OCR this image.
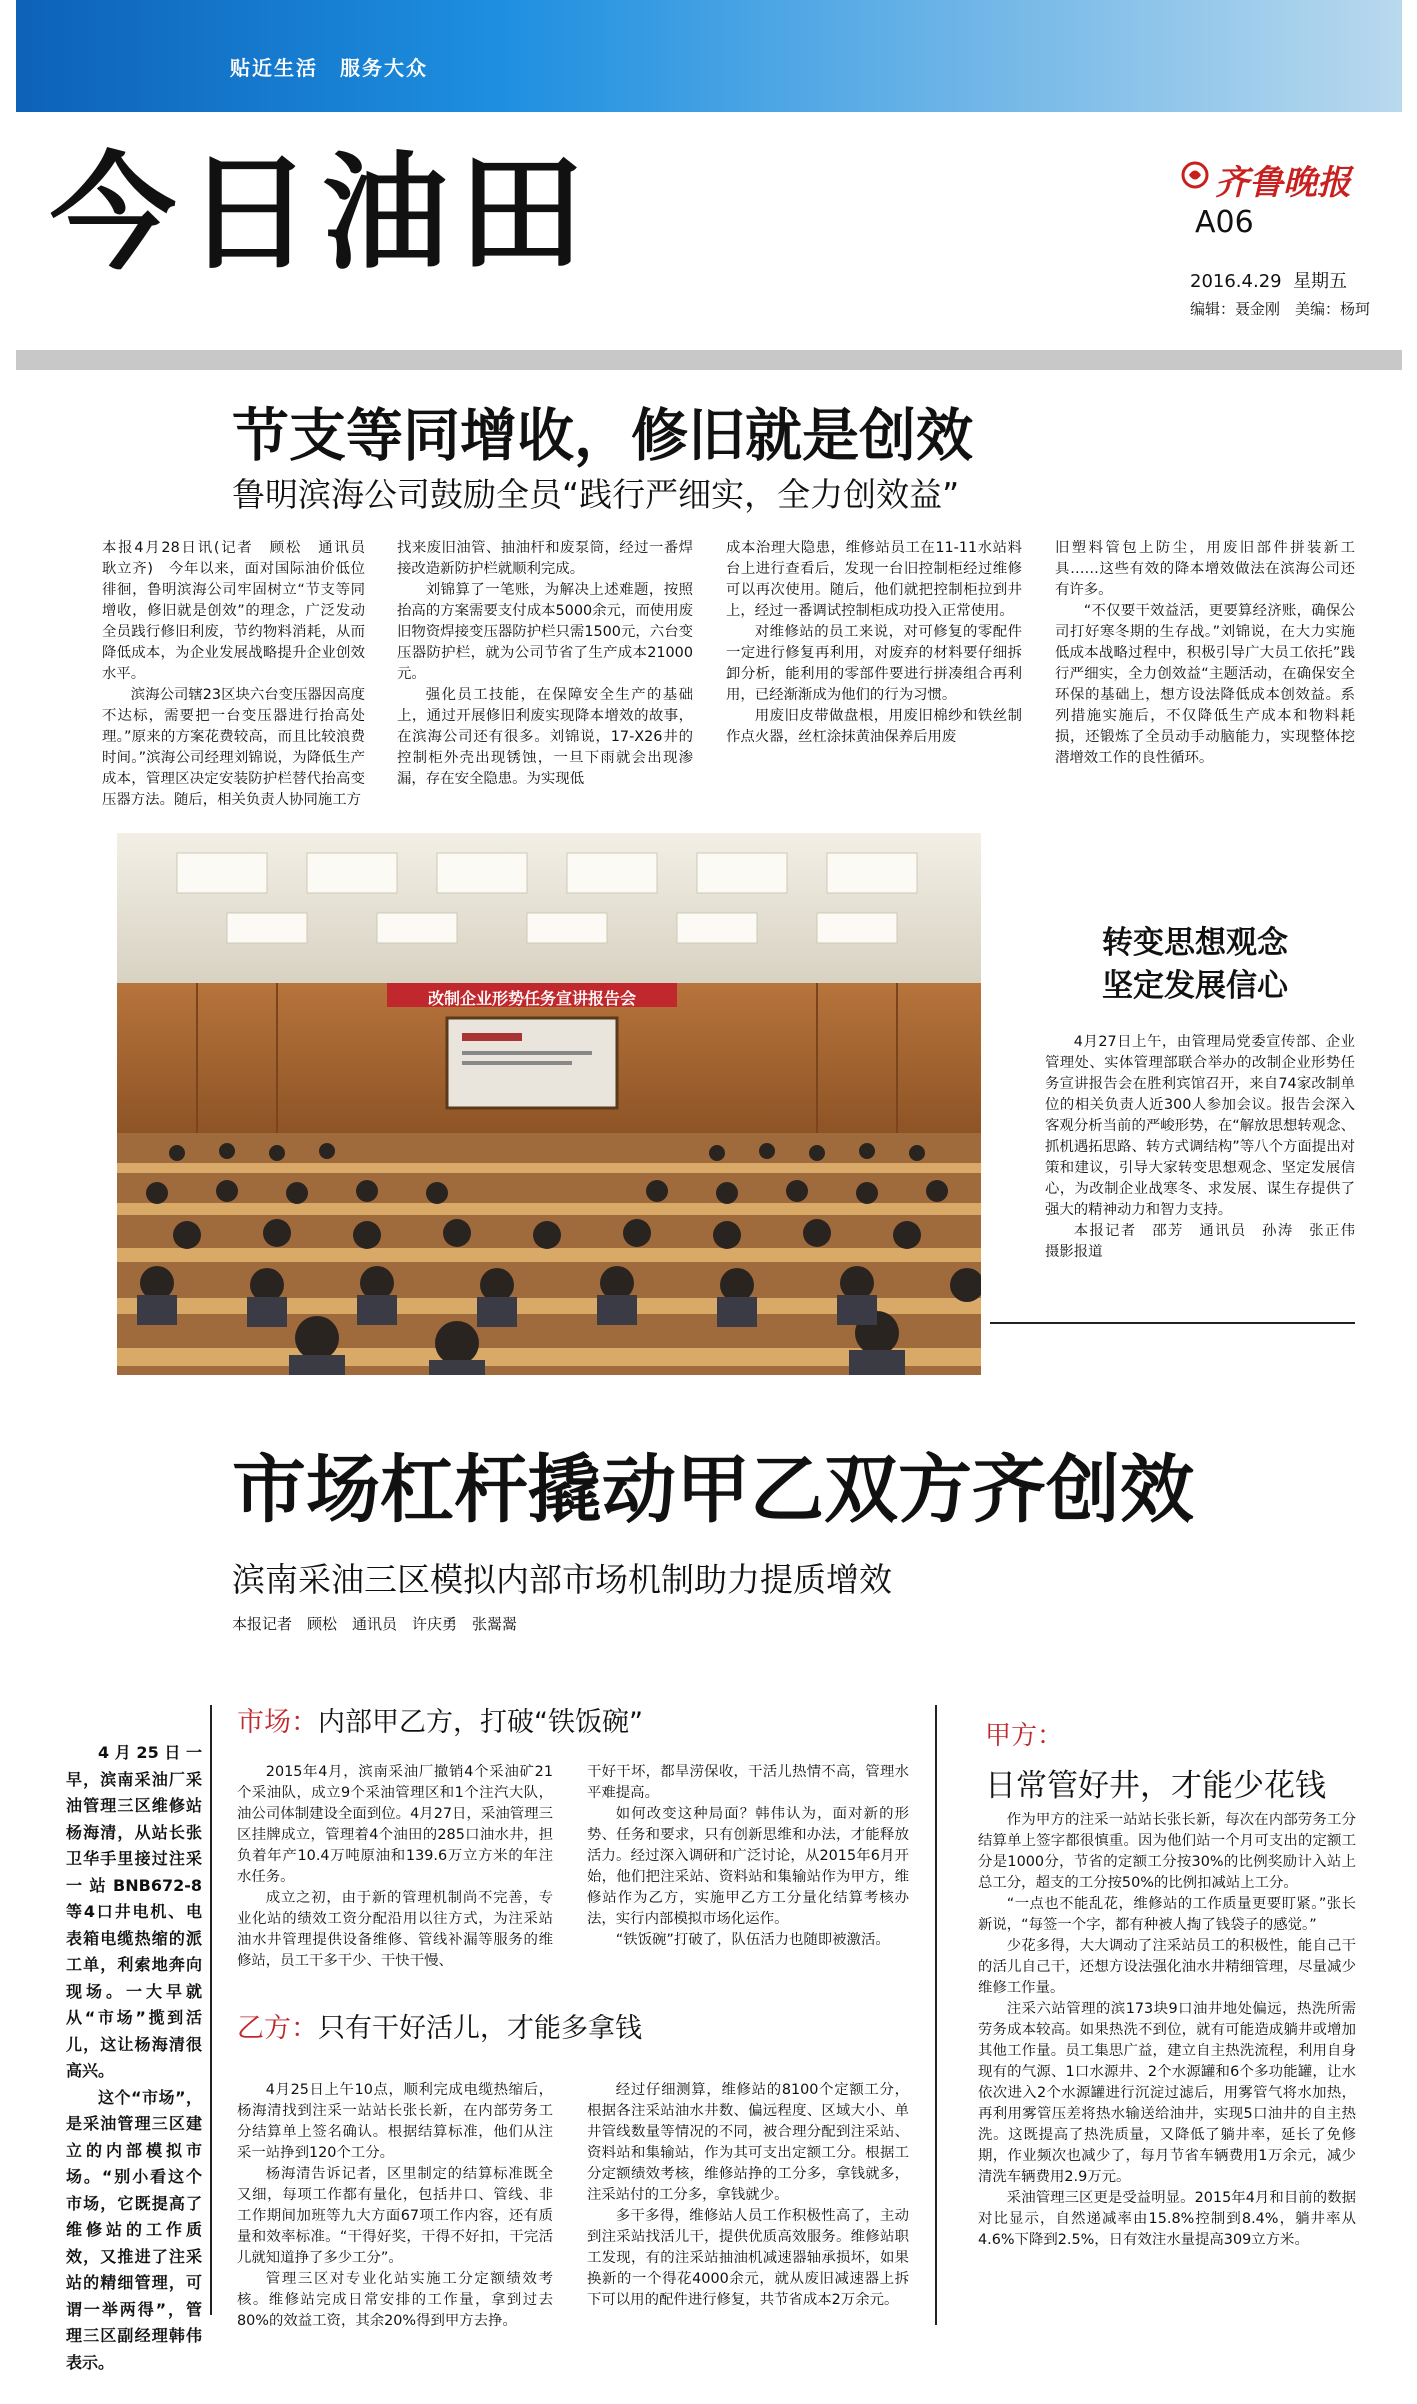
贴近生活　服务大众
今日油田	齐鲁晚报
A06
2016.4.29 星期五
编辑：聂金刚　美编：杨珂
节支等同增收，修旧就是创效
鲁明滨海公司鼓励全员“践行严细实，全力创效益”

本报4月28日讯(记者　顾松　通讯员　耿立齐)　今年以来，面对国际油价低位徘徊，鲁明滨海公司牢固树立“节支等同增收，修旧就是创效”的理念，广泛发动全员践行修旧利废，节约物料消耗，从而降低成本，为企业发展战略提升企业创效水平。

滨海公司辖23区块六台变压器因高度不达标，需要把一台变压器进行抬高处理。”原来的方案花费较高，而且比较浪费时间。”滨海公司经理刘锦说，为降低生产成本，管理区决定安装防护栏替代抬高变压器方法。随后，相关负责人协同施工方

找来废旧油管、抽油杆和废泵筒，经过一番焊接改造新防护栏就顺利完成。

刘锦算了一笔账，为解决上述难题，按照抬高的方案需要支付成本5000余元，而使用废旧物资焊接变压器防护栏只需1500元，六台变压器防护栏，就为公司节省了生产成本21000元。

强化员工技能，在保障安全生产的基础上，通过开展修旧利废实现降本增效的故事，在滨海公司还有很多。刘锦说，17-X26井的控制柜外壳出现锈蚀，一旦下雨就会出现渗漏，存在安全隐患。为实现低

成本治理大隐患，维修站员工在11-11水站料台上进行查看后，发现一台旧控制柜经过维修可以再次使用。随后，他们就把控制柜拉到井上，经过一番调试控制柜成功投入正常使用。

对维修站的员工来说，对可修复的零配件一定进行修复再利用，对废弃的材料要仔细拆卸分析，能利用的零部件要进行拼凑组合再利用，已经渐渐成为他们的行为习惯。

用废旧皮带做盘根，用废旧棉纱和铁丝制作点火器，丝杠涂抹黄油保养后用废

旧塑料管包上防尘，用废旧部件拼装新工具……这些有效的降本增效做法在滨海公司还有许多。

“不仅要干效益活，更要算经济账，确保公司打好寒冬期的生存战。”刘锦说，在大力实施低成本战略过程中，积极引导广大员工依托”践行严细实，全力创效益“主题活动，在确保安全环保的基础上，想方设法降低成本创效益。系列措施实施后，不仅降低生产成本和物料耗损，还锻炼了全员动手动脑能力，实现整体挖潜增效工作的良性循环。

改制企业形势任务宣讲报告会
转变思想观念
坚定发展信心

4月27日上午，由管理局党委宣传部、企业管理处、实体管理部联合举办的改制企业形势任务宣讲报告会在胜利宾馆召开，来自74家改制单位的相关负责人近300人参加会议。报告会深入客观分析当前的严峻形势，在“解放思想转观念、抓机遇拓思路、转方式调结构”等八个方面提出对策和建议，引导大家转变思想观念、坚定发展信心，为改制企业战寒冬、求发展、谋生存提供了强大的精神动力和智力支持。

本报记者　邵芳　通讯员　孙涛　张正伟　摄影报道

市场杠杆撬动甲乙双方齐创效
滨南采油三区模拟内部市场机制助力提质增效
本报记者　顾松　通讯员　许庆勇　张翯翯

4月25日一早，滨南采油厂采油管理三区维修站杨海清，从站长张卫华手里接过注采一站BNB672-8等4口井电机、电表箱电缆热缩的派工单，利索地奔向现场。一大早就从“市场”揽到活儿，这让杨海清很高兴。

这个“市场”，是采油管理三区建立的内部模拟市场。“别小看这个市场，它既提高了维修站的工作质效，又推进了注采站的精细管理，可谓一举两得”，管理三区副经理韩伟表示。

市场：内部甲乙方，打破“铁饭碗”

2015年4月，滨南采油厂撤销4个采油矿21个采油队，成立9个采油管理区和1个注汽大队，油公司体制建设全面到位。4月27日，采油管理三区挂牌成立，管理着4个油田的285口油水井，担负着年产10.4万吨原油和139.6万立方米的年注水任务。

成立之初，由于新的管理机制尚不完善，专业化站的绩效工资分配沿用以往方式，为注采站油水井管理提供设备维修、管线补漏等服务的维修站，员工干多干少、干快干慢、

干好干坏，都旱涝保收，干活儿热情不高，管理水平难提高。

如何改变这种局面？韩伟认为，面对新的形势、任务和要求，只有创新思维和办法，才能释放活力。经过深入调研和广泛讨论，从2015年6月开始，他们把注采站、资料站和集输站作为甲方，维修站作为乙方，实施甲乙方工分量化结算考核办法，实行内部模拟市场化运作。

“铁饭碗”打破了，队伍活力也随即被激活。

乙方：只有干好活儿，才能多拿钱

4月25日上午10点，顺利完成电缆热缩后，杨海清找到注采一站站长张长新，在内部劳务工分结算单上签名确认。根据结算标准，他们从注采一站挣到120个工分。

杨海清告诉记者，区里制定的结算标准既全又细，每项工作都有量化，包括井口、管线、非工作期间加班等九大方面67项工作内容，还有质量和效率标准。“干得好奖，干得不好扣，干完活儿就知道挣了多少工分”。

管理三区对专业化站实施工分定额绩效考核。维修站完成日常安排的工作量，拿到过去80%的效益工资，其余20%得到甲方去挣。

经过仔细测算，维修站的8100个定额工分，根据各注采站油水井数、偏远程度、区域大小、单井管线数量等情况的不同，被合理分配到注采站、资料站和集输站，作为其可支出定额工分。根据工分定额绩效考核，维修站挣的工分多，拿钱就多，注采站付的工分多，拿钱就少。

多干多得，维修站人员工作积极性高了，主动到注采站找活儿干，提供优质高效服务。维修站职工发现，有的注采站抽油机减速器轴承损坏，如果换新的一个得花4000余元，就从废旧减速器上拆下可以用的配件进行修复，共节省成本2万余元。

甲方：
日常管好井，才能少花钱

作为甲方的注采一站站长张长新，每次在内部劳务工分结算单上签字都很慎重。因为他们站一个月可支出的定额工分是1000分，节省的定额工分按30%的比例奖励计入站上总工分，超支的工分按50%的比例扣减站上工分。

“一点也不能乱花，维修站的工作质量更要盯紧。”张长新说，“每签一个字，都有种被人掏了钱袋子的感觉。”

少花多得，大大调动了注采站员工的积极性，能自己干的活儿自己干，还想方设法强化油水井精细管理，尽量减少维修工作量。

注采六站管理的滨173块9口油井地处偏远，热洗所需劳务成本较高。如果热洗不到位，就有可能造成躺井或增加其他工作量。员工集思广益，建立自主热洗流程，利用自身现有的气源、1口水源井、2个水源罐和6个多功能罐，让水依次进入2个水源罐进行沉淀过滤后，用雾管气将水加热，再利用雾管压差将热水输送给油井，实现5口油井的自主热洗。这既提高了热洗质量，又降低了躺井率，延长了免修期，作业频次也减少了，每月节省车辆费用1万余元，减少清洗车辆费用2.9万元。

采油管理三区更是受益明显。2015年4月和目前的数据对比显示，自然递减率由15.8%控制到8.4%，躺井率从4.6%下降到2.5%，日有效注水量提高309立方米。
